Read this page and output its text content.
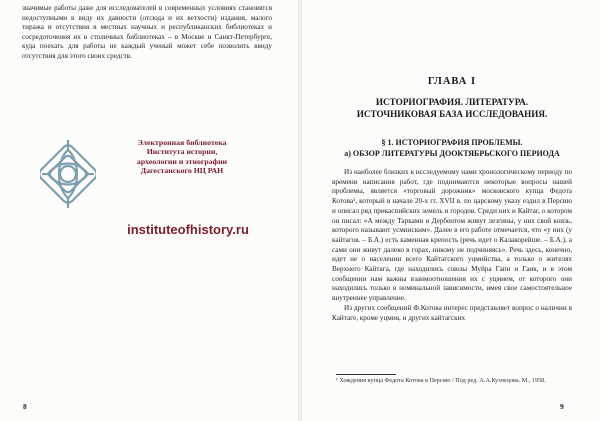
значимые работы даже для исследователей в современных условиях становятся недоступными в виду их давности (отсюда и их ветхости) издания, малого тиража и отсутствия в местных научных и республиканских библиотеках и сосредоточения их в столичных библиотеках – в Москве и Санкт-Петербурге, куда поехать для работы не каждый ученый может себе позволить ввиду отсутствия для этого своих средств.

Электронная библиотека
Института истории,
археологии и этнографии
Дагестанского НЦ РАН
instituteofhistory.ru
8
ГЛАВА I
ИСТОРИОГРАФИЯ. ЛИТЕРАТУРА.
ИСТОЧНИКОВАЯ БАЗА ИССЛЕДОВАНИЯ.
§ 1. ИСТОРИОГРАФИЯ ПРОБЛЕМЫ.
а) ОБЗОР ЛИТЕРАТУРЫ ДООКТЯБРЬСКОГО ПЕРИОДА

Из наиболее близких к исследуемому нами хронологическому периоду по времени написания работ, где поднимаются некоторые вопросы нашей проблемы, является «торговый дорожник» московского купца Федота Котова¹, который в начале 20-х гг. XVII в. по царскому указу ездил в Персию и описал ряд прикаспийских земель и городов. Среди них и Кайтаг, о котором он писал: «А между Тарками и Дербентом живут лезгины, у них свой князь, которого называют усминским». Далее в его работе отмечается, что «у них (у кайтагов. – Б.А.) есть каменная крепость (речь идет о Калакорейше. – Б.А.), а сами они живут далеко в горах, никому не подчиняясь». Речь здесь, конечно, идет не о населении всего Кайтагского уцмийства, а только о жителях Верхнего Кайтага, где находились союзы Муйра Гапи и Гаик, и в этом сообщении нам важны взаимоотношения их с уцмием, от которого они находились только в номинальной зависимости, имея свое самостоятельное внутреннее управление.

Из других сообщений Ф.Котова интерес представляет вопрос о наличии в Кайтаге, кроме уцмия, и других кайтагских

¹ Хождения купца Федота Котова в Персию / Под ред. А.А.Кузнецова. М., 1958.
9
